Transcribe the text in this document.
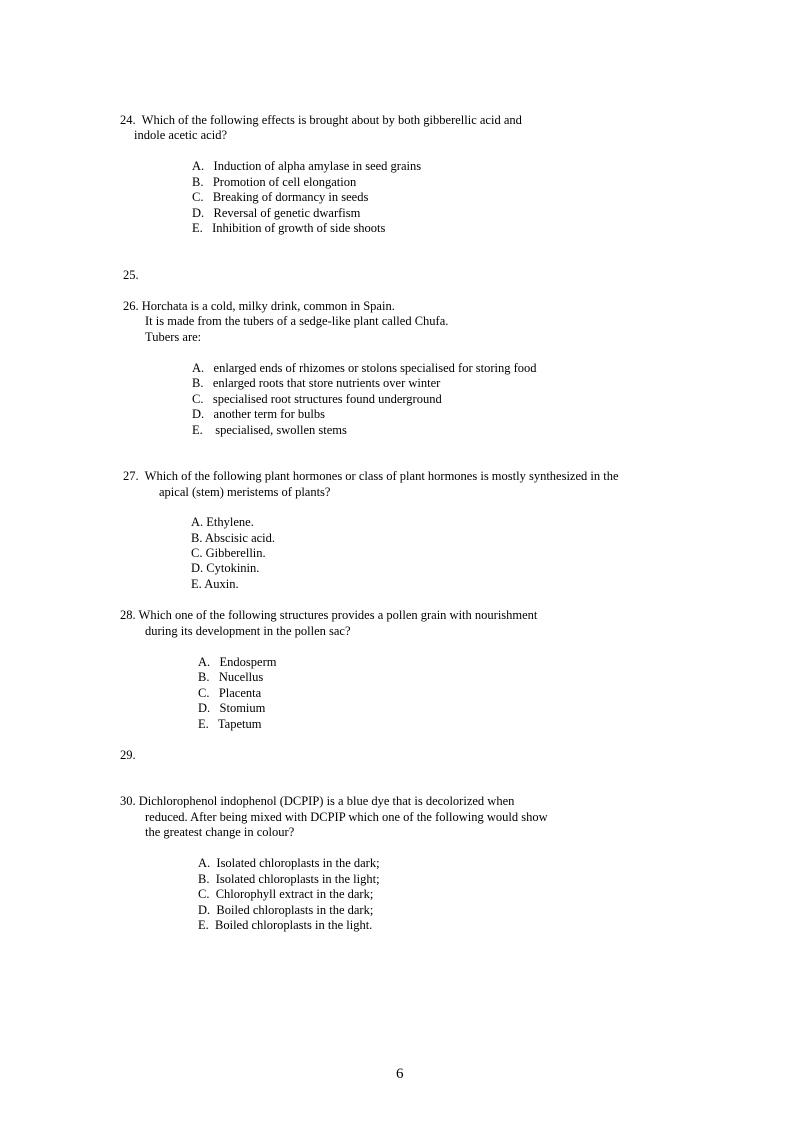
24.  Which of the following effects is brought about by both gibberellic acid and
indole acetic acid?
A.   Induction of alpha amylase in seed grains
B.   Promotion of cell elongation
C.   Breaking of dormancy in seeds
D.   Reversal of genetic dwarfism
E.   Inhibition of growth of side shoots
25.
26. Horchata is a cold, milky drink, common in Spain.
It is made from the tubers of a sedge-like plant called Chufa.
Tubers are:
A.   enlarged ends of rhizomes or stolons specialised for storing food
B.   enlarged roots that store nutrients over winter
C.   specialised root structures found underground
D.   another term for bulbs
E.    specialised, swollen stems
27.  Which of the following plant hormones or class of plant hormones is mostly synthesized in the
apical (stem) meristems of plants?
A. Ethylene.
B. Abscisic acid.
C. Gibberellin.
D. Cytokinin.
E. Auxin.
28. Which one of the following structures provides a pollen grain with nourishment
during its development in the pollen sac?
A.   Endosperm
B.   Nucellus
C.   Placenta
D.   Stomium
E.   Tapetum
29.
30. Dichlorophenol indophenol (DCPIP) is a blue dye that is decolorized when
reduced. After being mixed with DCPIP which one of the following would show
the greatest change in colour?
A.  Isolated chloroplasts in the dark;
B.  Isolated chloroplasts in the light;
C.  Chlorophyll extract in the dark;
D.  Boiled chloroplasts in the dark;
E.  Boiled chloroplasts in the light.
6
